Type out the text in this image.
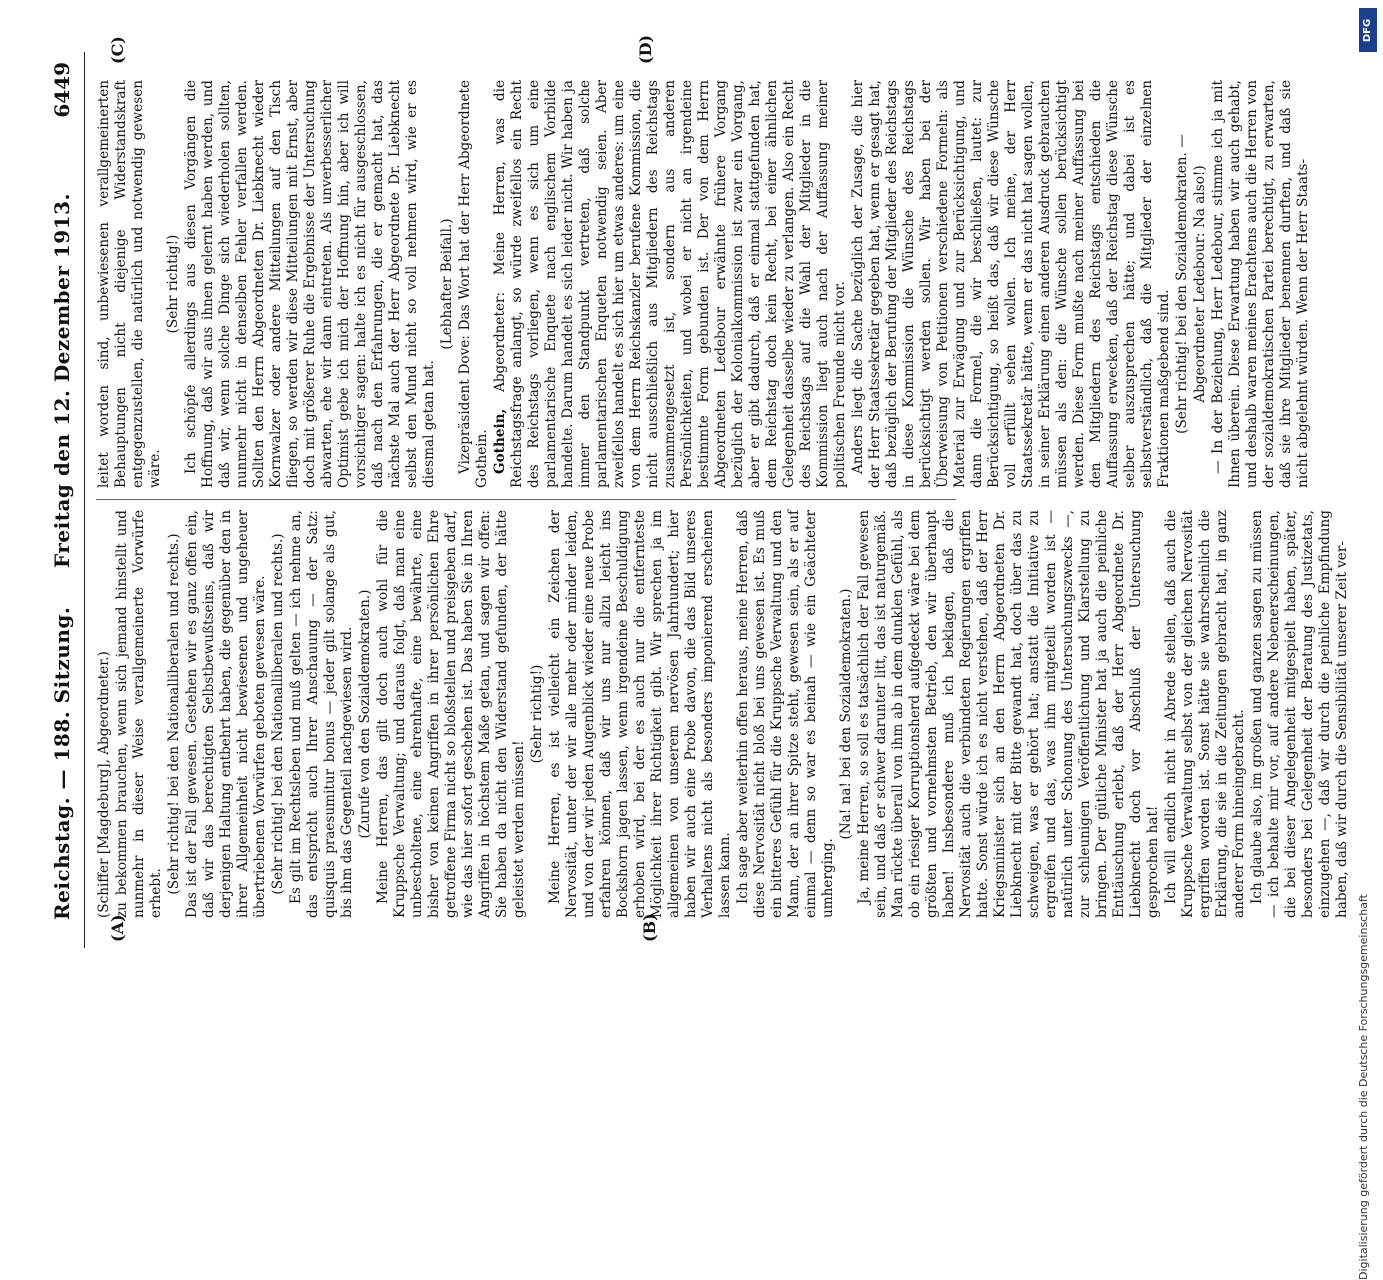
Reichstag. — 188. Sitzung.
Freitag den 12. Dezember 1913.
6449
(A)	(B)
(C)	(D)

(Schiffer [Magdeburg], Abgeordneter.) zu bekommen brauchen, wenn sich jemand hinstellt und nunmehr in dieser Weise verallgemeinerte Vorwürfe erhebt. (Sehr richtig! bei den Nationalliberalen und rechts.) Das ist der Fall gewesen. Gestehen wir es ganz offen ein, daß wir das berechtigten Selbstbewußtseins, daß wir derjenigen Haltung entbehrt haben, die gegenüber den in ihrer Allgemeinheit nicht bewiesenen und ungeheuer übertriebenen Vorwürfen geboten gewesen wäre. (Sehr richtig! bei den Nationalliberalen und rechts.) Es gilt im Rechtsleben und muß gelten — ich nehme an, das entspricht auch Ihrer Anschauung — der Satz: quisquis praesumitur bonus — jeder gilt solange als gut, bis ihm das Gegenteil nachgewiesen wird. (Zurufe von den Sozialdemokraten.) Meine Herren, das gilt doch auch wohl für die Kruppsche Verwaltung; und daraus folgt, daß man eine unbescholtene, eine ehrenhafte, eine bewährte, eine bisher von keinen Angriffen in ihrer persönlichen Ehre getroffene Firma nicht so bloßstellen und preisgeben darf, wie das hier sofort geschehen ist. Das haben Sie in Ihren Angriffen in höchstem Maße getan, und sagen wir offen: Sie haben da nicht den Widerstand gefunden, der hätte geleistet werden müssen!

(Sehr richtig!) Meine Herren, es ist vielleicht ein Zeichen der Nervosität, unter der wir alle mehr oder minder leiden, und von der wir jeden Augenblick wieder eine neue Probe erfahren können, daß wir uns nur allzu leicht ins Bockshorn jagen lassen, wenn irgendeine Beschuldigung erhoben wird, bei der es auch nur die entfernteste Möglichkeit ihrer Richtigkeit gibt. Wir sprechen ja im allgemeinen von unserem nervösen Jahrhundert; hier haben wir auch eine Probe davon, die das Bild unseres Verhaltens nicht als besonders imponierend erscheinen lassen kann. Ich sage aber weiterhin offen heraus, meine Herren, daß diese Nervosität nicht bloß bei uns gewesen ist. Es muß ein bitteres Gefühl für die Kruppsche Verwaltung und den Mann, der an ihrer Spitze steht, gewesen sein, als er auf einmal — denn so war es beinah — wie ein Geächteter umherging.

(Na! na! bei den Sozialdemokraten.) Ja, meine Herren, so soll es tatsächlich der Fall gewesen sein, und daß er schwer darunter litt, das ist naturgemäß. Man rückte überall von ihm ab in dem dunklen Gefühl, als ob ein riesiger Korruptionsherd aufgedeckt wäre bei dem größten und vornehmsten Betrieb, den wir überhaupt haben! Insbesondere muß ich beklagen, daß die Nervosität auch die verbündeten Regierungen ergriffen hatte. Sonst würde ich es nicht verstehen, daß der Herr Kriegsminister sich an den Herrn Abgeordneten Dr. Liebknecht mit der Bitte gewandt hat, doch über das zu schweigen, was er gehört hat; anstatt die Initiative zu ergreifen und das, was ihm mitgeteilt worden ist — natürlich unter Schonung des Untersuchungszwecks —, zur schleunigen Veröffentlichung und Klarstellung zu bringen. Der gütliche Minister hat ja auch die peinliche Enttäuschung erlebt, daß der Herr Abgeordnete Dr. Liebknecht doch vor Abschluß der Untersuchung gesprochen hat! Ich will endlich nicht in Abrede stellen, daß auch die Kruppsche Verwaltung selbst von der gleichen Nervosität ergriffen worden ist. Sonst hätte sie wahrscheinlich die Erklärung, die sie in die Zeitungen gebracht hat, in ganz anderer Form hineingebracht. Ich glaube also, im großen und ganzen sagen zu müssen — ich behalte mir vor, auf andere Nebenerscheinungen, die bei dieser Angelegenheit mitgespielt haben, später, besonders bei Gelegenheit der Beratung des Justizetats, einzugehen —, daß wir durch die peinliche Empfindung haben, daß wir durch die Sensibilität unserer Zeit ver-

leitet worden sind, unbewiesenen verallgemeinerten Behauptungen nicht diejenige Widerstandskraft entgegenzustellen, die natürlich und notwendig gewesen wäre.

(Sehr richtig!) Ich schöpfe allerdings aus diesen Vorgängen die Hoffnung, daß wir aus ihnen gelernt haben werden, und daß wir, wenn solche Dinge sich wiederholen sollten, nunmehr nicht in denselben Fehler verfallen werden. Sollten den Herrn Abgeordneten Dr. Liebknecht wieder Kornwalzer oder andere Mitteilungen auf den Tisch fliegen, so werden wir diese Mitteilungen mit Ernst, aber doch mit größerer Ruhe die Ergebnisse der Untersuchung abwarten, ehe wir dann eintreten. Als unverbesserlicher Optimist gebe ich mich der Hoffnung hin, aber ich will vorsichtiger sagen: halte ich es nicht für ausgeschlossen, daß nach den Erfahrungen, die er gemacht hat, das nächste Mal auch der Herr Abgeordnete Dr. Liebknecht selbst den Mund nicht so voll nehmen wird, wie er es diesmal getan hat.

(Lebhafter Beifall.) Vizepräsident Dove: Das Wort hat der Herr Abgeordnete Gothein. Gothein, Abgeordneter: Meine Herren, was die Reichstagsfrage anlangt, so würde zweifellos ein Recht des Reichstags vorliegen, wenn es sich um eine parlamentarische Enquete nach englischem Vorbilde handelte. Darum handelt es sich leider nicht. Wir haben ja immer den Standpunkt vertreten, daß solche parlamentarischen Enqueten notwendig seien. Aber zweifellos handelt es sich hier um etwas anderes: um eine von dem Herrn Reichskanzler berufene Kommission, die nicht ausschließlich aus Mitgliedern des Reichstags zusammengesetzt ist, sondern aus anderen Persönlichkeiten, und wobei er nicht an irgendeine bestimmte Form gebunden ist. Der von dem Herrn Abgeordneten Ledebour erwähnte frühere Vorgang bezüglich der Kolonialkommission ist zwar ein Vorgang, aber er gibt dadurch, daß er einmal stattgefunden hat, dem Reichstag doch kein Recht, bei einer ähnlichen Gelegenheit dasselbe wieder zu verlangen. Also ein Recht des Reichstags auf die Wahl der Mitglieder in die Kommission liegt auch nach der Auffassung meiner politischen Freunde nicht vor. Anders liegt die Sache bezüglich der Zusage, die hier der Herr Staatssekretär gegeben hat, wenn er gesagt hat, daß bezüglich der Berufung der Mitglieder des Reichstags in diese Kommission die Wünsche des Reichstags berücksichtigt werden sollen. Wir haben bei der Überweisung von Petitionen verschiedene Formeln: als Material zur Erwägung und zur Berücksichtigung, und dann die Formel, die wir beschließen, lautet: zur Berücksichtigung, so heißt das, daß wir diese Wünsche voll erfüllt sehen wollen. Ich meine, der Herr Staatssekretär hätte, wenn er das nicht hat sagen wollen, in seiner Erklärung einen anderen Ausdruck gebrauchen müssen als den: die Wünsche sollen berücksichtigt werden. Diese Form mußte nach meiner Auffassung bei den Mitgliedern des Reichstags entschieden die Auffassung erwecken, daß der Reichstag diese Wünsche selber auszusprechen hätte; und dabei ist es selbstverständlich, daß die Mitglieder der einzelnen Fraktionen maßgebend sind. (Sehr richtig! bei den Sozialdemokraten. — Abgeordneter Ledebour: Na also!) — In der Beziehung, Herr Ledebour, stimme ich ja mit Ihnen überein. Diese Erwartung haben wir auch gehabt, und deshalb waren meines Erachtens auch die Herren von der sozialdemokratischen Partei berechtigt, zu erwarten, daß sie ihre Mitglieder benennen durften, und daß sie nicht abgelehnt würden. Wenn der Herr Staats-

DFG
Digitalisierung gefördert durch die Deutsche Forschungsgemeinschaft
